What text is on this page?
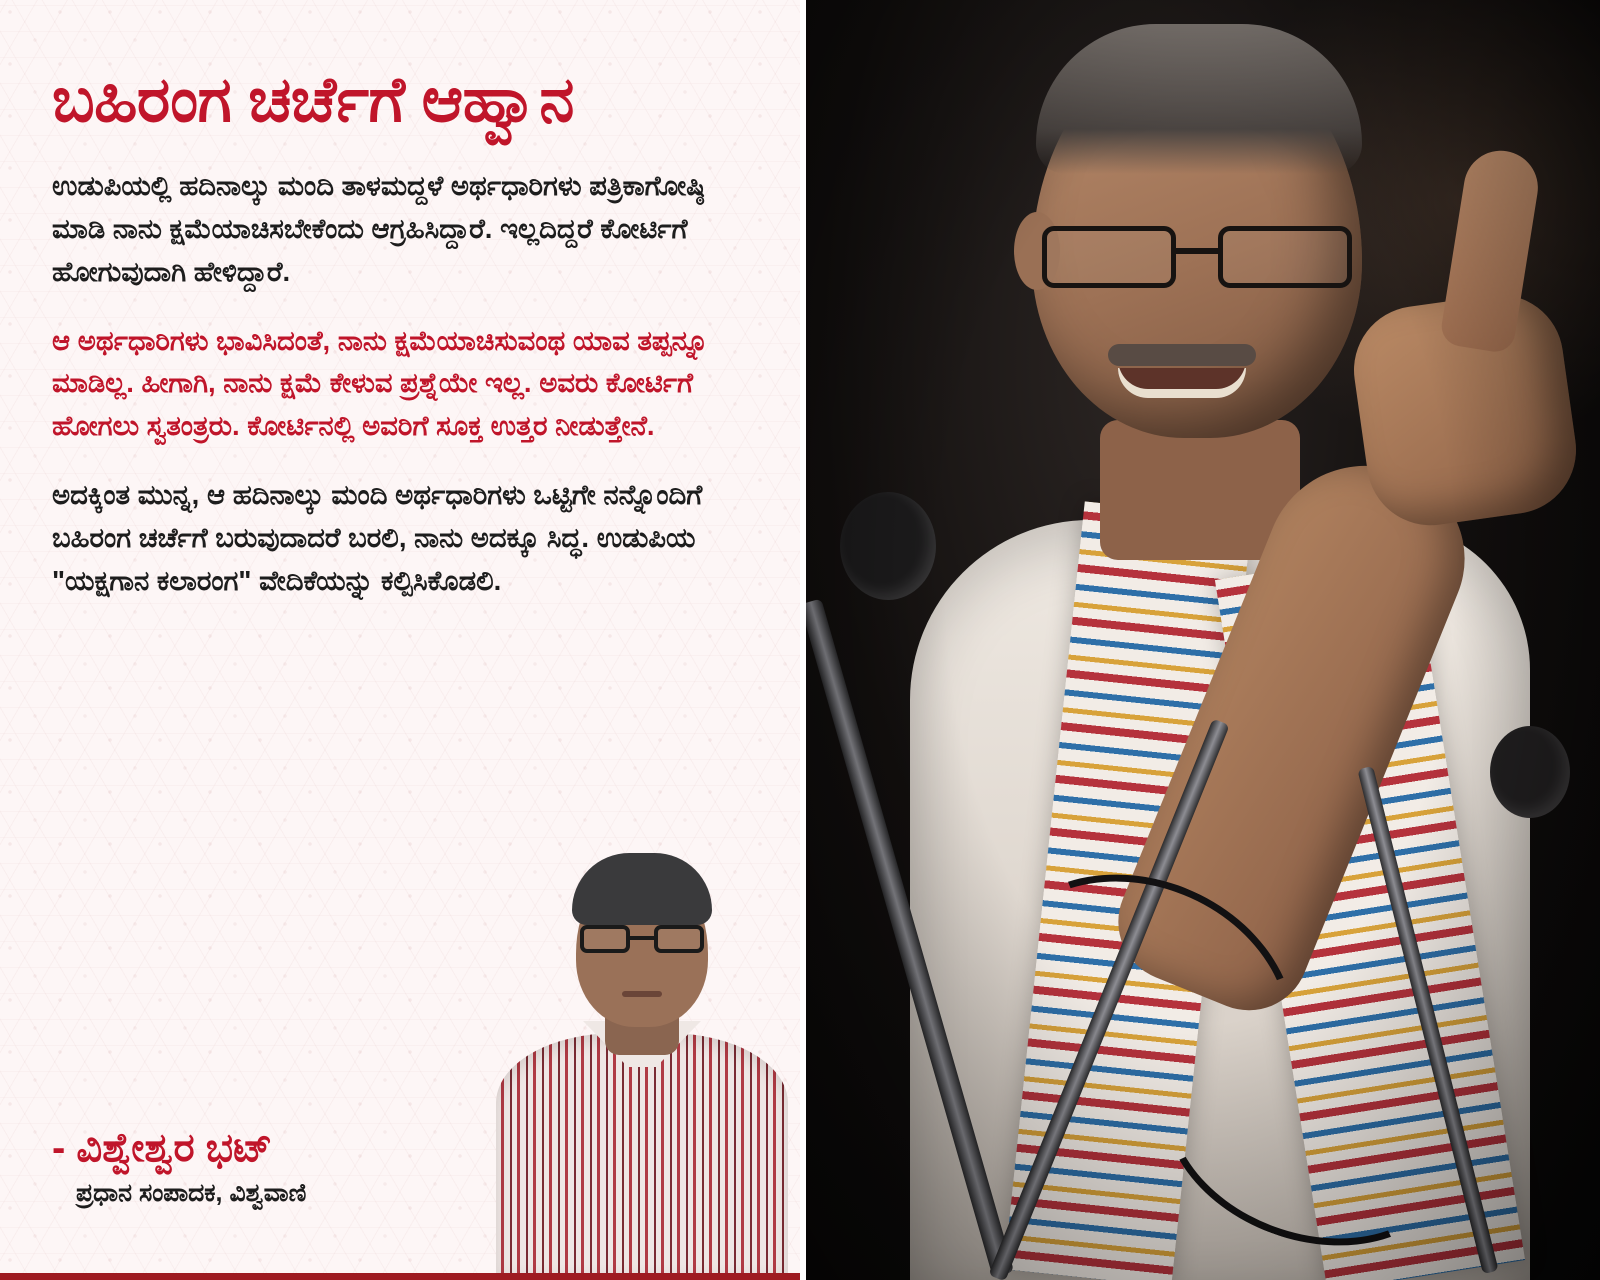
ಬಹಿರಂಗ ಚರ್ಚೆಗೆ ಆಹ್ವಾನ

ಉಡುಪಿಯಲ್ಲಿ ಹದಿನಾಲ್ಕು ಮಂದಿ ತಾಳಮದ್ದಳೆ ಅರ್ಥಧಾರಿಗಳು ಪತ್ರಿಕಾಗೋಷ್ಠಿ ಮಾಡಿ ನಾನು ಕ್ಷಮೆಯಾಚಿಸಬೇಕೆಂದು ಆಗ್ರಹಿಸಿದ್ದಾರೆ. ಇಲ್ಲದಿದ್ದರೆ ಕೋರ್ಟಿಗೆ ಹೋಗುವುದಾಗಿ ಹೇಳಿದ್ದಾರೆ.

ಆ ಅರ್ಥಧಾರಿಗಳು ಭಾವಿಸಿದಂತೆ, ನಾನು ಕ್ಷಮೆಯಾಚಿಸುವಂಥ ಯಾವ ತಪ್ಪನ್ನೂ ಮಾಡಿಲ್ಲ. ಹೀಗಾಗಿ, ನಾನು ಕ್ಷಮೆ ಕೇಳುವ ಪ್ರಶ್ನೆಯೇ ಇಲ್ಲ. ಅವರು ಕೋರ್ಟಿಗೆ ಹೋಗಲು ಸ್ವತಂತ್ರರು. ಕೋರ್ಟಿನಲ್ಲಿ ಅವರಿಗೆ ಸೂಕ್ತ ಉತ್ತರ ನೀಡುತ್ತೇನೆ.

ಅದಕ್ಕಿಂತ ಮುನ್ನ, ಆ ಹದಿನಾಲ್ಕು ಮಂದಿ ಅರ್ಥಧಾರಿಗಳು ಒಟ್ಟಿಗೇ ನನ್ನೊಂದಿಗೆ ಬಹಿರಂಗ ಚರ್ಚೆಗೆ ಬರುವುದಾದರೆ ಬರಲಿ, ನಾನು ಅದಕ್ಕೂ ಸಿದ್ಧ. ಉಡುಪಿಯ "ಯಕ್ಷಗಾನ ಕಲಾರಂಗ" ವೇದಿಕೆಯನ್ನು ಕಲ್ಪಿಸಿಕೊಡಲಿ.

- ವಿಶ್ವೇಶ್ವರ ಭಟ್
ಪ್ರಧಾನ ಸಂಪಾದಕ, ವಿಶ್ವವಾಣಿ
